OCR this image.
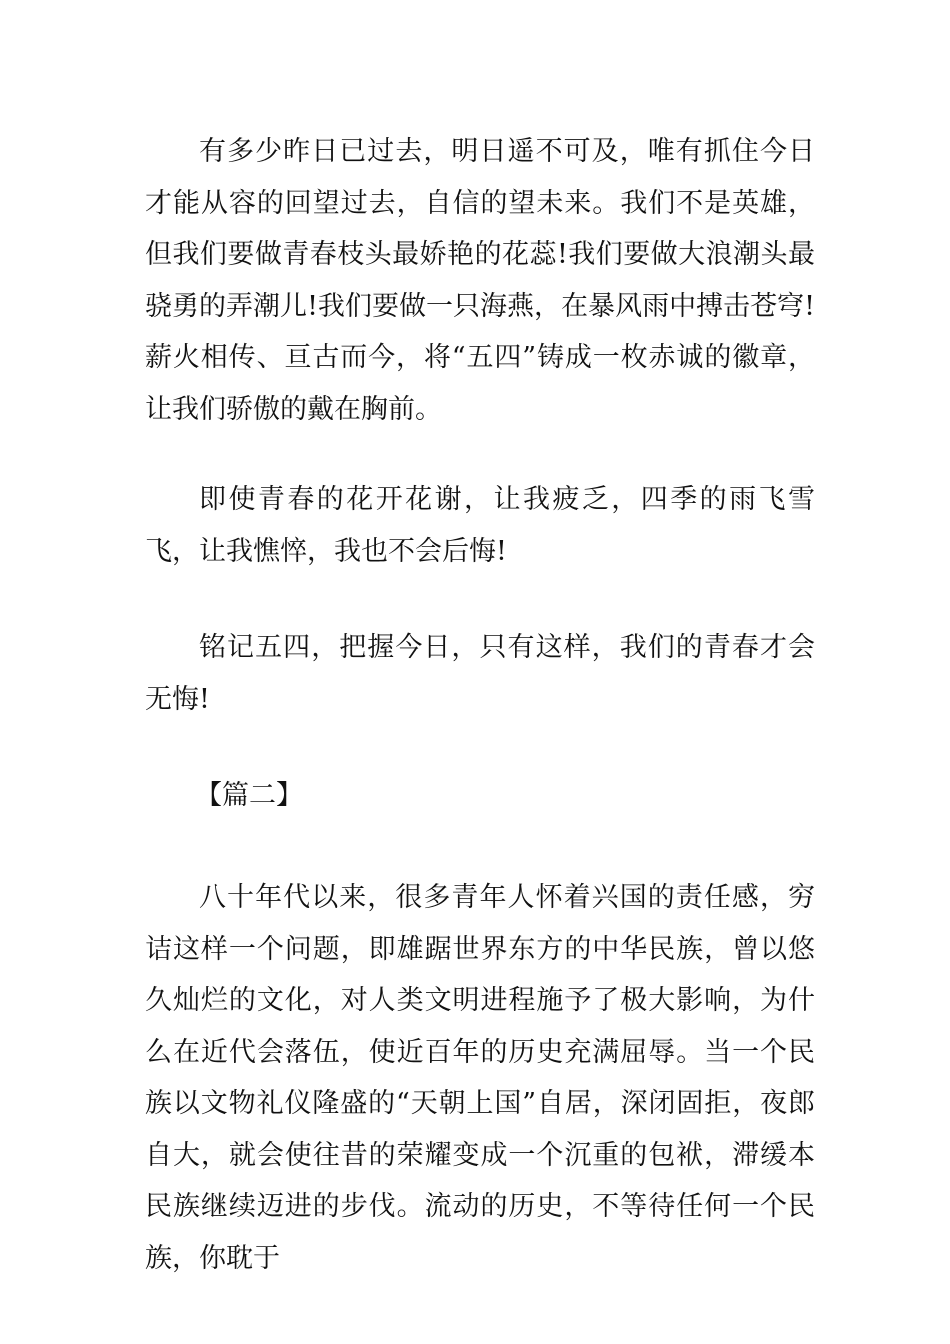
有多少昨日已过去，明日遥不可及，唯有抓住今日才能从容的回望过去，自信的望未来。我们不是英雄，但我们要做青春枝头最娇艳的花蕊!我们要做大浪潮头最骁勇的弄潮儿!我们要做一只海燕，在暴风雨中搏击苍穹!薪火相传、亘古而今，将“五四”铸成一枚赤诚的徽章，让我们骄傲的戴在胸前。

即使青春的花开花谢，让我疲乏，四季的雨飞雪飞，让我憔悴，我也不会后悔!

铭记五四，把握今日，只有这样，我们的青春才会无悔!

【篇二】

八十年代以来，很多青年人怀着兴国的责任感，穷诘这样一个问题，即雄踞世界东方的中华民族，曾以悠久灿烂的文化，对人类文明进程施予了极大影响，为什么在近代会落伍，使近百年的历史充满屈辱。当一个民族以文物礼仪隆盛的“天朝上国”自居，深闭固拒，夜郎自大，就会使往昔的荣耀变成一个沉重的包袱，滞缓本民族继续迈进的步伐。流动的历史，不等待任何一个民族，你耽于
